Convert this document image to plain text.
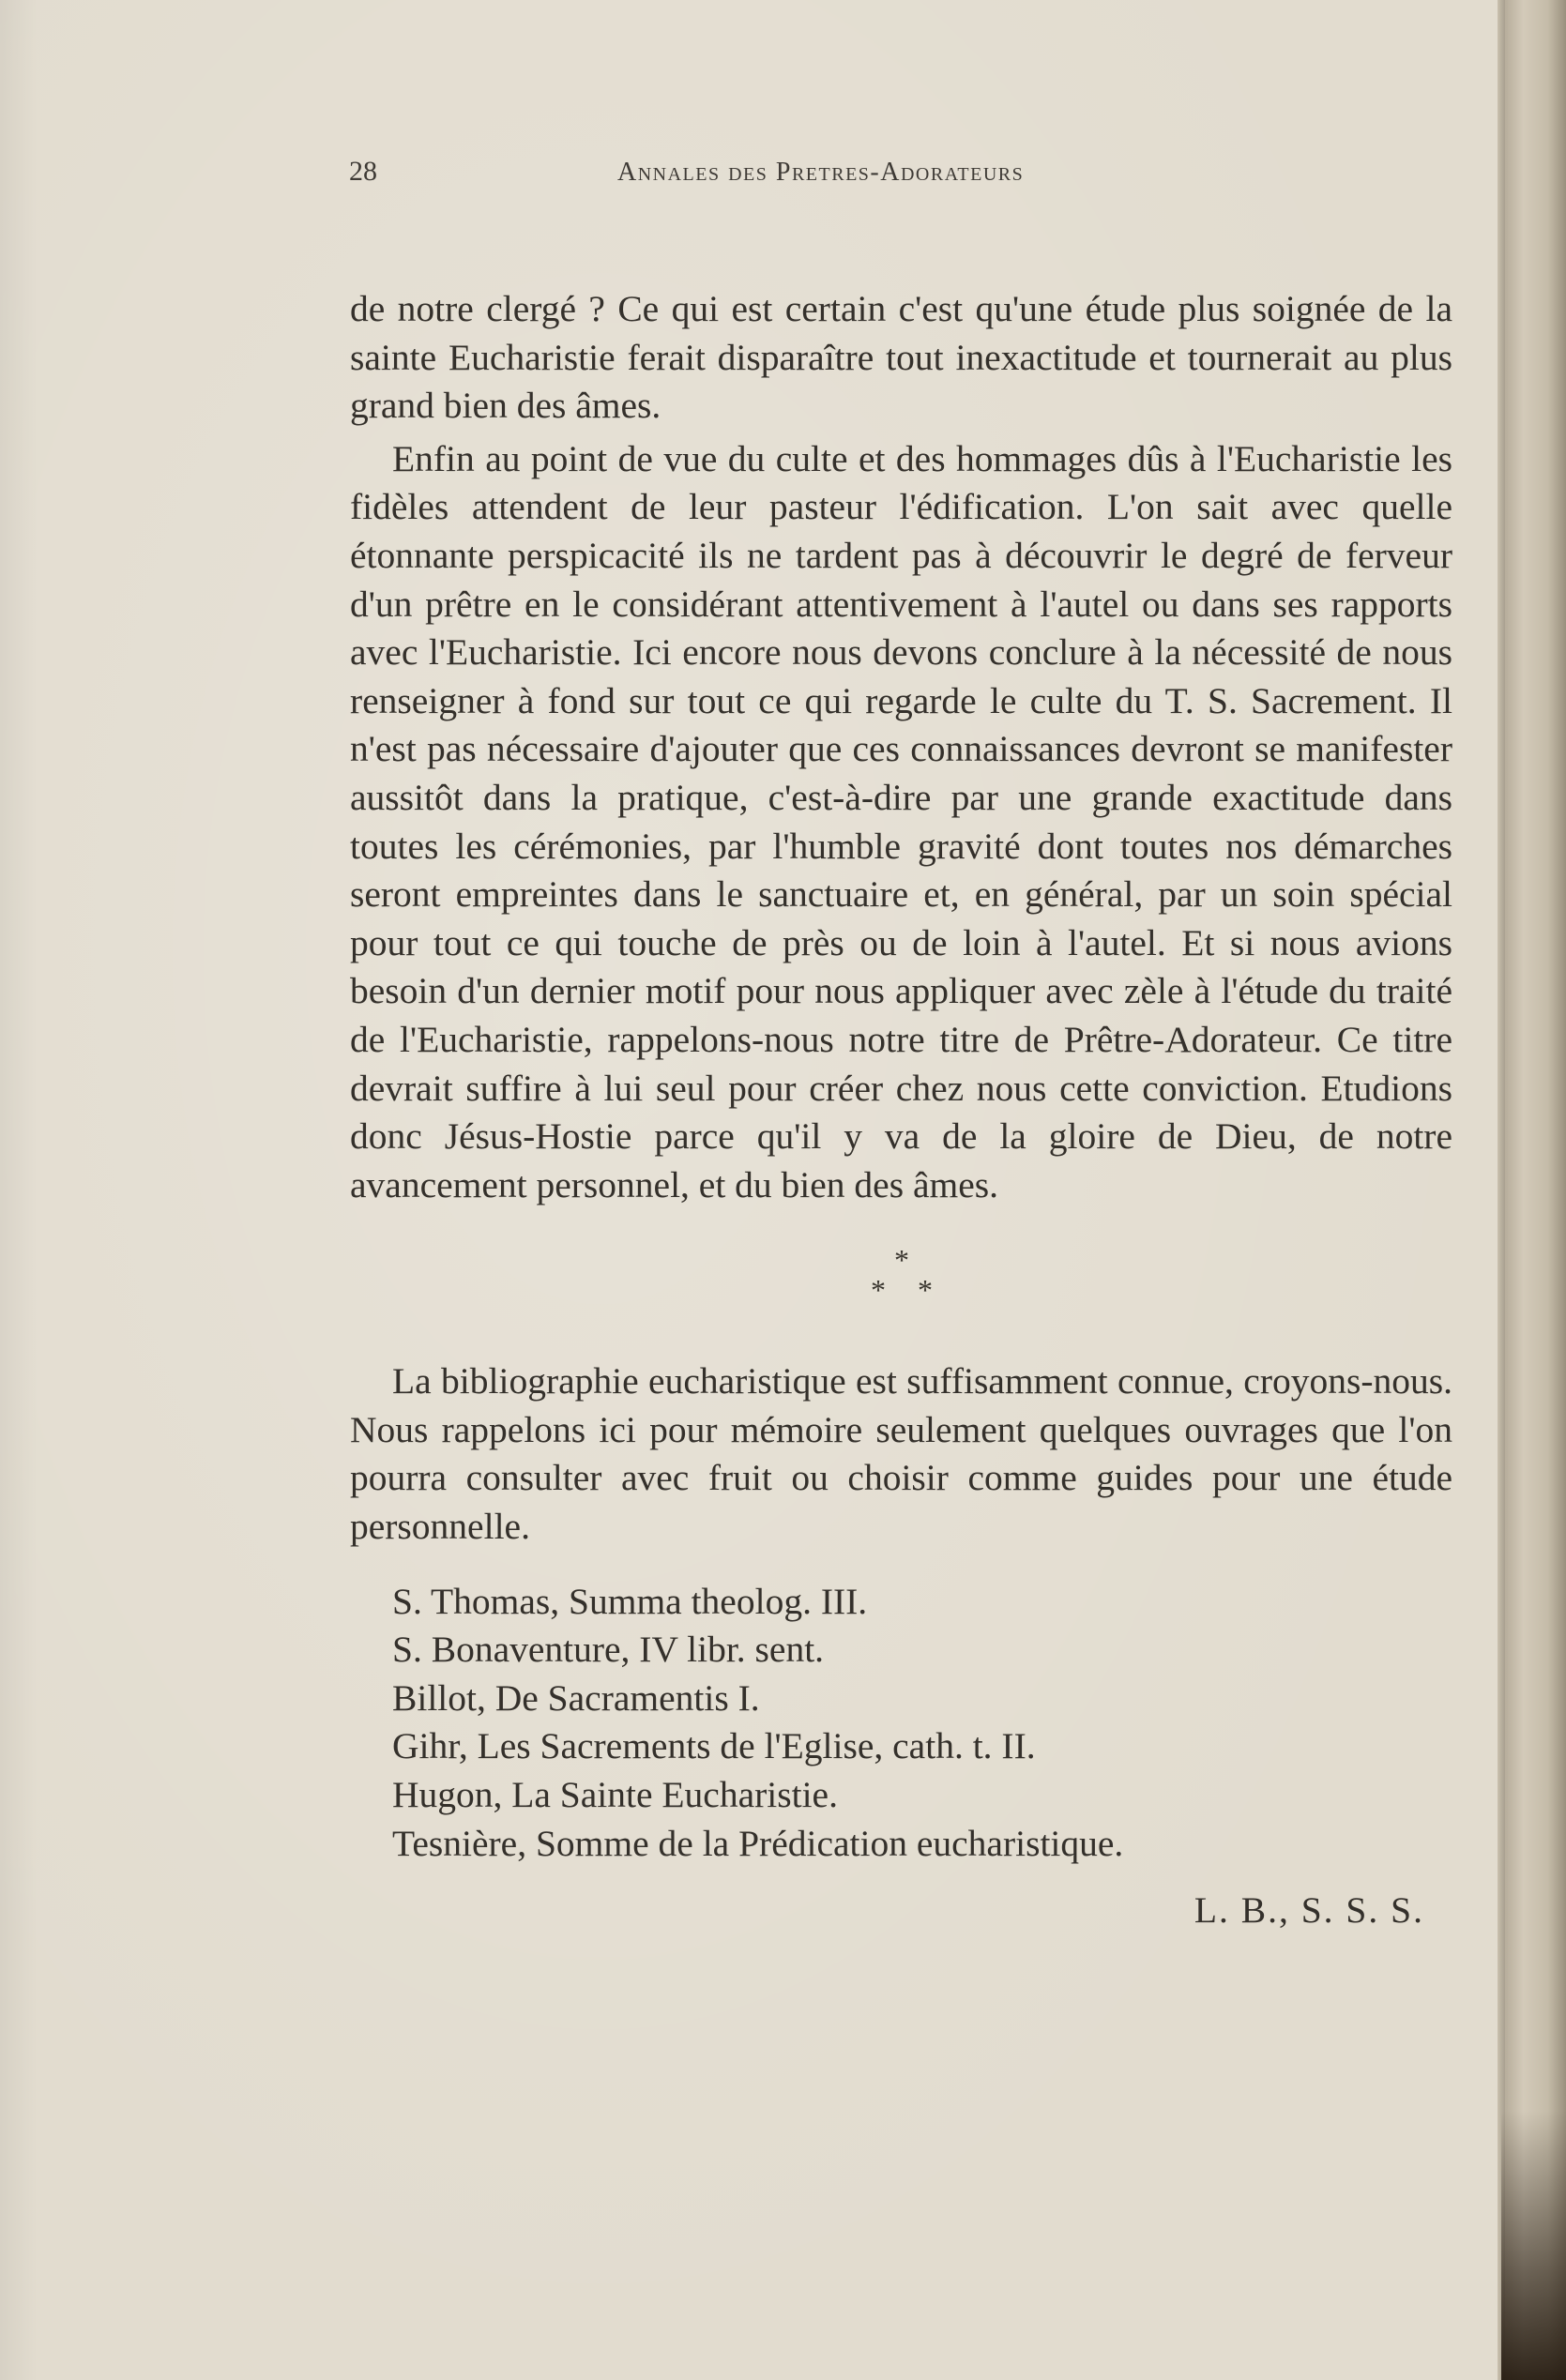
28	Annales des Pretres-Adorateurs

de notre clergé ? Ce qui est certain c'est qu'une étude plus soignée de la sainte Eucharistie ferait disparaître tout inexactitude et tournerait au plus grand bien des âmes.

Enfin au point de vue du culte et des hommages dûs à l'Eucharistie les fidèles attendent de leur pasteur l'édification. L'on sait avec quelle étonnante perspicacité ils ne tardent pas à découvrir le degré de ferveur d'un prêtre en le considérant attentivement à l'autel ou dans ses rapports avec l'Eucharistie. Ici encore nous devons conclure à la nécessité de nous renseigner à fond sur tout ce qui regarde le culte du T. S. Sacrement. Il n'est pas nécessaire d'ajouter que ces connaissances devront se manifester aussitôt dans la pratique, c'est-à-dire par une grande exactitude dans toutes les cérémonies, par l'humble gravité dont toutes nos démarches seront empreintes dans le sanctuaire et, en général, par un soin spécial pour tout ce qui touche de près ou de loin à l'autel. Et si nous avions besoin d'un dernier motif pour nous appliquer avec zèle à l'étude du traité de l'Eucharistie, rappelons-nous notre titre de Prêtre-Adorateur. Ce titre devrait suffire à lui seul pour créer chez nous cette conviction. Etudions donc Jésus-Hostie parce qu'il y va de la gloire de Dieu, de notre avancement personnel, et du bien des âmes.

*
* *

La bibliographie eucharistique est suffisamment connue, croyons-nous. Nous rappelons ici pour mémoire seulement quelques ouvrages que l'on pourra consulter avec fruit ou choisir comme guides pour une étude personnelle.

S. Thomas, Summa theolog. III.
S. Bonaventure, IV libr. sent.
Billot, De Sacramentis I.
Gihr, Les Sacrements de l'Eglise, cath. t. II.
Hugon, La Sainte Eucharistie.
Tesnière, Somme de la Prédication eucharistique.
L. B., S. S. S.
